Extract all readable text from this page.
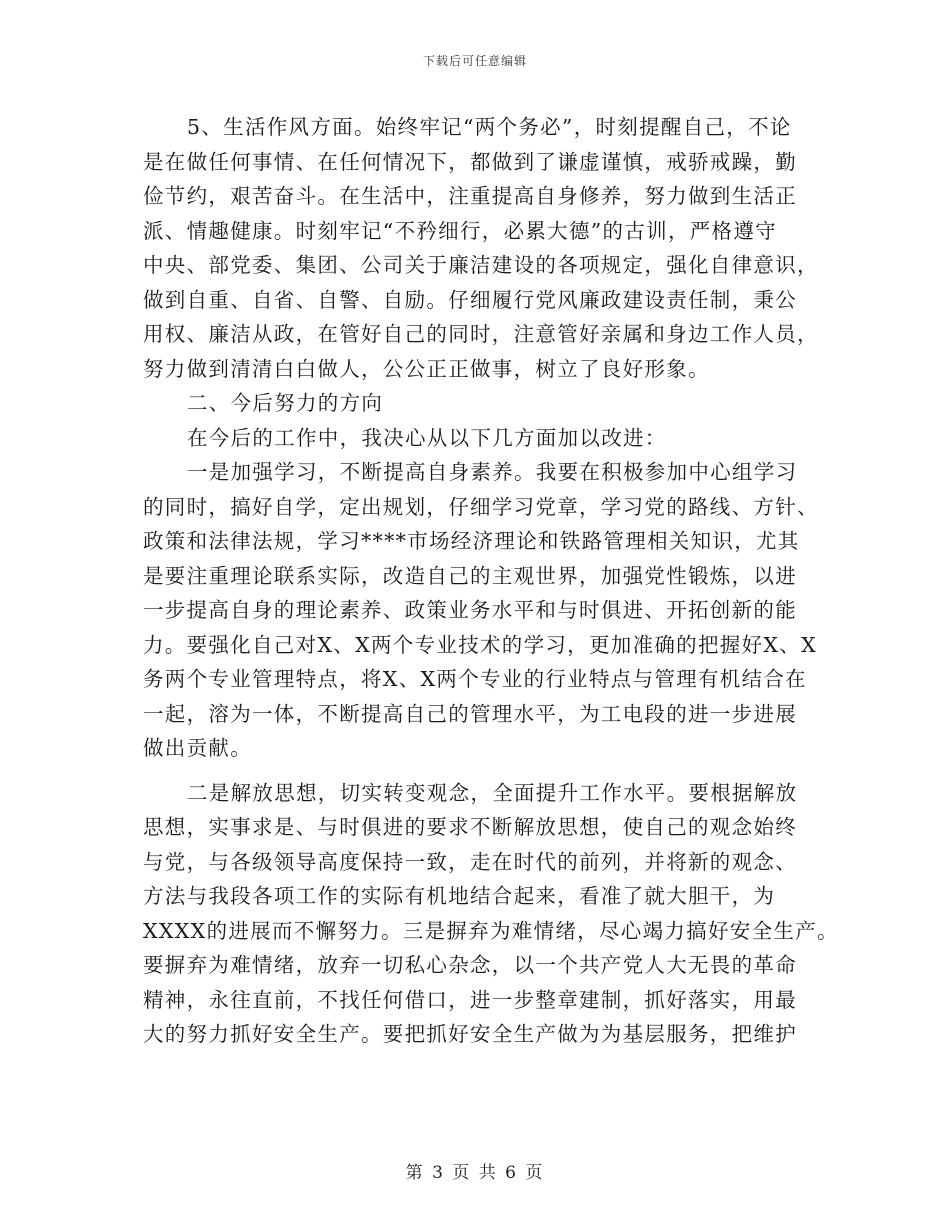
下载后可任意编辑
5、生活作风方面。始终牢记“两个务必”，时刻提醒自己，不论
是在做任何事情、在任何情况下，都做到了谦虚谨慎，戒骄戒躁，勤
俭节约，艰苦奋斗。在生活中，注重提高自身修养，努力做到生活正
派、情趣健康。时刻牢记“不矜细行，必累大德”的古训，严格遵守
中央、部党委、集团、公司关于廉洁建设的各项规定，强化自律意识，
做到自重、自省、自警、自励。仔细履行党风廉政建设责任制，秉公
用权、廉洁从政，在管好自己的同时，注意管好亲属和身边工作人员，
努力做到清清白白做人，公公正正做事，树立了良好形象。
二、今后努力的方向
在今后的工作中，我决心从以下几方面加以改进：
一是加强学习，不断提高自身素养。我要在积极参加中心组学习
的同时，搞好自学，定出规划，仔细学习党章，学习党的路线、方针、
政策和法律法规，学习****市场经济理论和铁路管理相关知识，尤其
是要注重理论联系实际，改造自己的主观世界，加强党性锻炼，以进
一步提高自身的理论素养、政策业务水平和与时俱进、开拓创新的能
力。要强化自己对X、X两个专业技术的学习，更加准确的把握好X、X
务两个专业管理特点，将X、X两个专业的行业特点与管理有机结合在
一起，溶为一体，不断提高自己的管理水平，为工电段的进一步进展
做出贡献。
二是解放思想，切实转变观念，全面提升工作水平。要根据解放
思想，实事求是、与时俱进的要求不断解放思想，使自己的观念始终
与党，与各级领导高度保持一致，走在时代的前列，并将新的观念、
方法与我段各项工作的实际有机地结合起来，看准了就大胆干，为
XXXX的进展而不懈努力。三是摒弃为难情绪，尽心竭力搞好安全生产。
要摒弃为难情绪，放弃一切私心杂念，以一个共产党人大无畏的革命
精神，永往直前，不找任何借口，进一步整章建制，抓好落实，用最
大的努力抓好安全生产。要把抓好安全生产做为为基层服务，把维护
第 3 页 共 6 页
